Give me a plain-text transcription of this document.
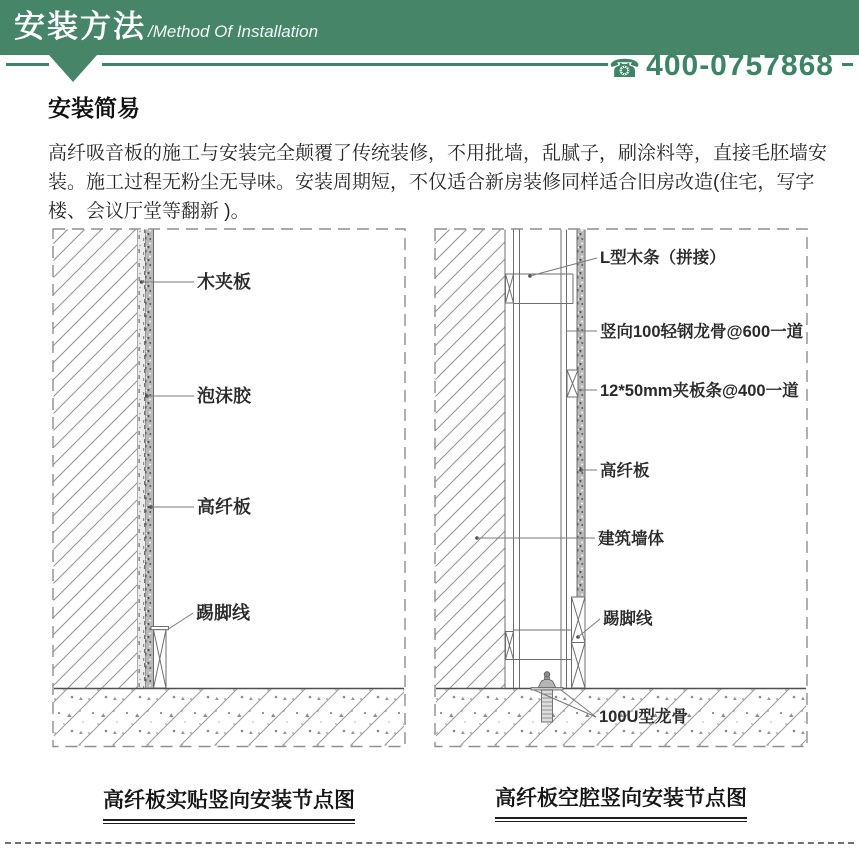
安装方法 /Method Of Installation
☎ 400-0757868
安装简易
高纤吸音板的施工与安装完全颠覆了传统装修，不用批墙，乱腻子，刷涂料等，直接毛胚墙安
装。施工过程无粉尘无导味。安装周期短，不仅适合新房装修同样适合旧房改造(住宅，写字
楼、会议厅堂等翻新 )。
木夹板
泡沫胶
高纤板
踢脚线
L型木条（拼接）
竖向100轻钢龙骨@600一道
12*50mm夹板条@400一道
高纤板
建筑墙体
踢脚线
100U型龙骨
高纤板实贴竖向安装节点图	高纤板空腔竖向安装节点图
